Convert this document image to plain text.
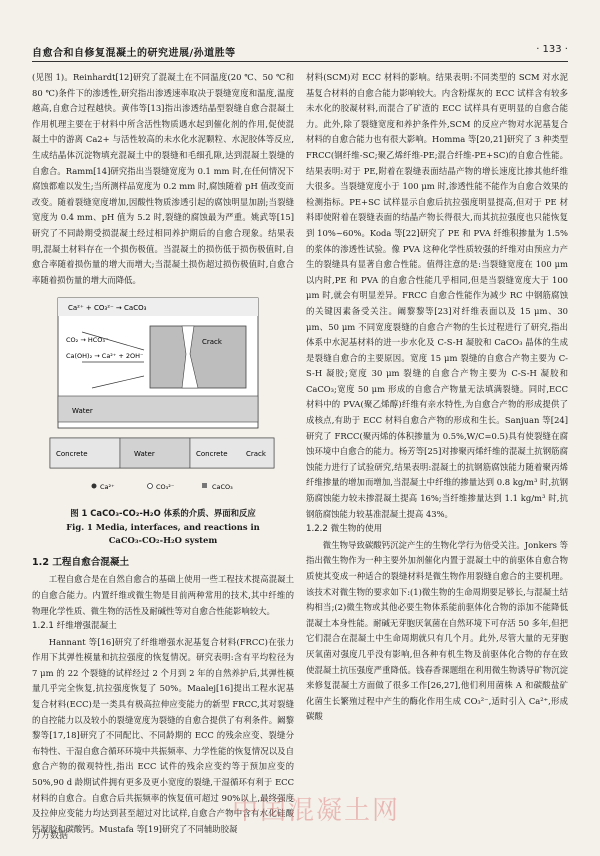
自愈合和自修复混凝土的研究进展/孙道胜等	· 133 ·

(见图 1)。Reinhardt[12]研究了混凝土在不同温度(20 ℃、50 ℃和 80 ℃)条件下的渗透性,研究指出渗透速率取决于裂缝宽度和温度,温度越高,自愈合过程越快。黄伟等[13]指出渗透结晶型裂缝自愈合混凝土作用机理主要在于材料中所含活性物质遇水起到催化剂的作用,促使混凝土中的游离 Ca2+ 与活性较高的未水化水泥颗粒、水泥胶体等反应,生成结晶体沉淀物填充混凝土中的裂缝和毛细孔隙,达到混凝土裂缝的自愈合。Ramm[14]研究指出当裂缝宽度为 0.1 mm 时,在任何情况下腐蚀都难以发生;当所测样品宽度为 0.2 mm 时,腐蚀随着 pH 值改变而改变。随着裂缝宽度增加,因酸性物质渗透引起的腐蚀明显加剧;当裂缝宽度为 0.4 mm、pH 值为 5.2 时,裂缝的腐蚀最为严重。姚武等[15]研究了不同龄期受损混凝土经过相同养护期后的自愈合现象。结果表明,混凝土材料存在一个损伤极值。当混凝土的损伤低于损伤极值时,自愈合率随着损伤量的增大而增大;当混凝土损伤超过损伤极值时,自愈合率随着损伤量的增大而降低。

Ca²⁺ + CO₃²⁻ → CaCO₃
Crack
CO₂ → HCO₃⁻
Ca(OH)₂ → Ca²⁺ + 2OH⁻
Water
Concrete	Water	Concrete	Crack
Ca²⁺	CO₃²⁻	CaCO₃
图 1 CaCO₃-CO₂-H₂O 体系的介质、界面和反应
Fig. 1 Media, interfaces, and reactions in
CaCO₃-CO₂-H₂O system
1.2 工程自愈合混凝土

工程自愈合是在自然自愈合的基础上使用一些工程技术提高混凝土的自愈合能力。内置纤维或微生物是目前两种常用的技术,其中纤维的物理化学性质、微生物的活性及耐碱性等对自愈合性能影响较大。

1.2.1 纤维增强混凝土

Hannant 等[16]研究了纤维增强水泥基复合材料(FRCC)在张力作用下其弹性模量和抗拉强度的恢复情况。研究表明:含有平均粒径为 7 μm 的 22 个裂缝的试样经过 2 个月到 2 年的自然养护后,其弹性模量几乎完全恢复,抗拉强度恢复了 50%。Maalej[16]提出工程水泥基复合材料(ECC)是一类具有极高拉伸应变能力的新型 FRCC,其对裂缝的自控能力以及较小的裂缝宽度为裂缝的自愈合提供了有利条件。阚黎黎等[17,18]研究了不同配比、不同龄期的 ECC 的残余应变、裂缝分布特性、干湿自愈合循环环境中共振频率、力学性能的恢复情况以及自愈合产物的微观特性,指出 ECC 试件的残余应变约等于预加应变的 50%,90 d 龄期试件拥有更多及更小宽度的裂缝,干湿循环有利于 ECC 材料的自愈合。自愈合后共振频率的恢复值可超过 90%以上,最终强度及拉伸应变能力均达到甚至超过对比试样,自愈合产物中含有水化硅酸钙凝胶和碳酸钙。Mustafa 等[19]研究了不同辅助胶凝

材料(SCM)对 ECC 材料的影响。结果表明:不同类型的 SCM 对水泥基复合材料的自愈合能力影响较大。内含粉煤灰的 ECC 试样含有较多未水化的胶凝材料,而混合了矿渣的 ECC 试样具有更明显的自愈合能力。此外,除了裂缝宽度和养护条件外,SCM 的反应产物对水泥基复合材料的自愈合能力也有很大影响。Homma 等[20,21]研究了 3 种类型 FRCC(钢纤维-SC;聚乙烯纤维-PE;混合纤维-PE+SC)的自愈合性能。结果表明:对于 PE,附着在裂缝表面结晶产物的增长速度比掺其他纤维大很多。当裂缝宽度小于 100 μm 时,渗透性能不能作为自愈合效果的检测指标。PE+SC 试样显示自愈后抗拉强度明显提高,但对于 PE 材料即使附着在裂缝表面的结晶产物长得很大,而其抗拉强度也只能恢复到 10%~60%。Koda 等[22]研究了 PE 和 PVA 纤维积掺量为 1.5%的浆体的渗透性试验。像 PVA 这种化学性质较强的纤维对由预应力产生的裂缝具有显著自愈合性能。值得注意的是:当裂缝宽度在 100 μm 以内时,PE 和 PVA 的自愈合性能几乎相同,但是当裂缝宽度大于 100 μm 时,就会有明显差异。FRCC 自愈合性能作为减少 RC 中钢筋腐蚀的关键因素备受关注。阚黎黎等[23]对纤维表面以及 15 μm、30 μm、50 μm 不同宽度裂缝的自愈合产物的生长过程进行了研究,指出体系中水泥基材料的进一步水化及 C-S-H 凝胶和 CaCO₃ 晶体的生成是裂缝自愈合的主要原因。宽度 15 μm 裂缝的自愈合产物主要为 C-S-H 凝胶;宽度 30 μm 裂缝的自愈合产物主要为 C-S-H 凝胶和 CaCO₃;宽度 50 μm 形成的自愈合产物量无法填满裂缝。同时,ECC 材料中的 PVA(聚乙烯醇)纤维有亲水特性,为自愈合产物的形成提供了成核点,有助于 ECC 材料自愈合产物的形成和生长。Sanjuan 等[24]研究了 FRCC(聚丙烯的体积掺量为 0.5%,W/C=0.5)具有使裂缝在腐蚀环境中自愈合的能力。杨芳等[25]对掺聚丙烯纤维的混凝土抗钢筋腐蚀能力进行了试验研究,结果表明:混凝土的抗钢筋腐蚀能力随着聚丙烯纤维掺量的增加而增加,当混凝土中纤维的掺量达到 0.8 kg/m³ 时,抗钢筋腐蚀能力较未掺混凝土提高 16%;当纤维掺量达到 1.1 kg/m³ 时,抗钢筋腐蚀能力较基准混凝土提高 43%。

1.2.2 微生物的使用

微生物导致碳酸钙沉淀产生的生物化学行为倍受关注。Jonkers 等指出微生物作为一种主要外加剂催化内置于混凝土中的前驱体自愈合物质使其变成一种适合的裂缝材料是微生物作用裂缝自愈合的主要机理。该技术对微生物的要求如下:(1)微生物的生命周期要足够长,与混凝土结构相当;(2)微生物或其他必要生物体系能前驱体化合物的添加不能降低混凝土本身性能。耐碱无芽胞厌氧菌在自然环境下可存活 50 多年,但把它们混合在混凝土中生命周期就只有几个月。此外,尽管大量的无芽胞厌氧菌对强度几乎没有影响,但各种有机生物及前驱体化合物的存在致使混凝土抗压强度严重降低。钱春香课题组在利用微生物诱导矿物沉淀来修复混凝土方面做了很多工作[26,27],他们利用菌株 A 和碳酸盐矿化菌生长繁殖过程中产生的酶化作用生成 CO₃²⁻,适时引入 Ca²⁺,形成碳酸

万方数据
中国混凝土网
